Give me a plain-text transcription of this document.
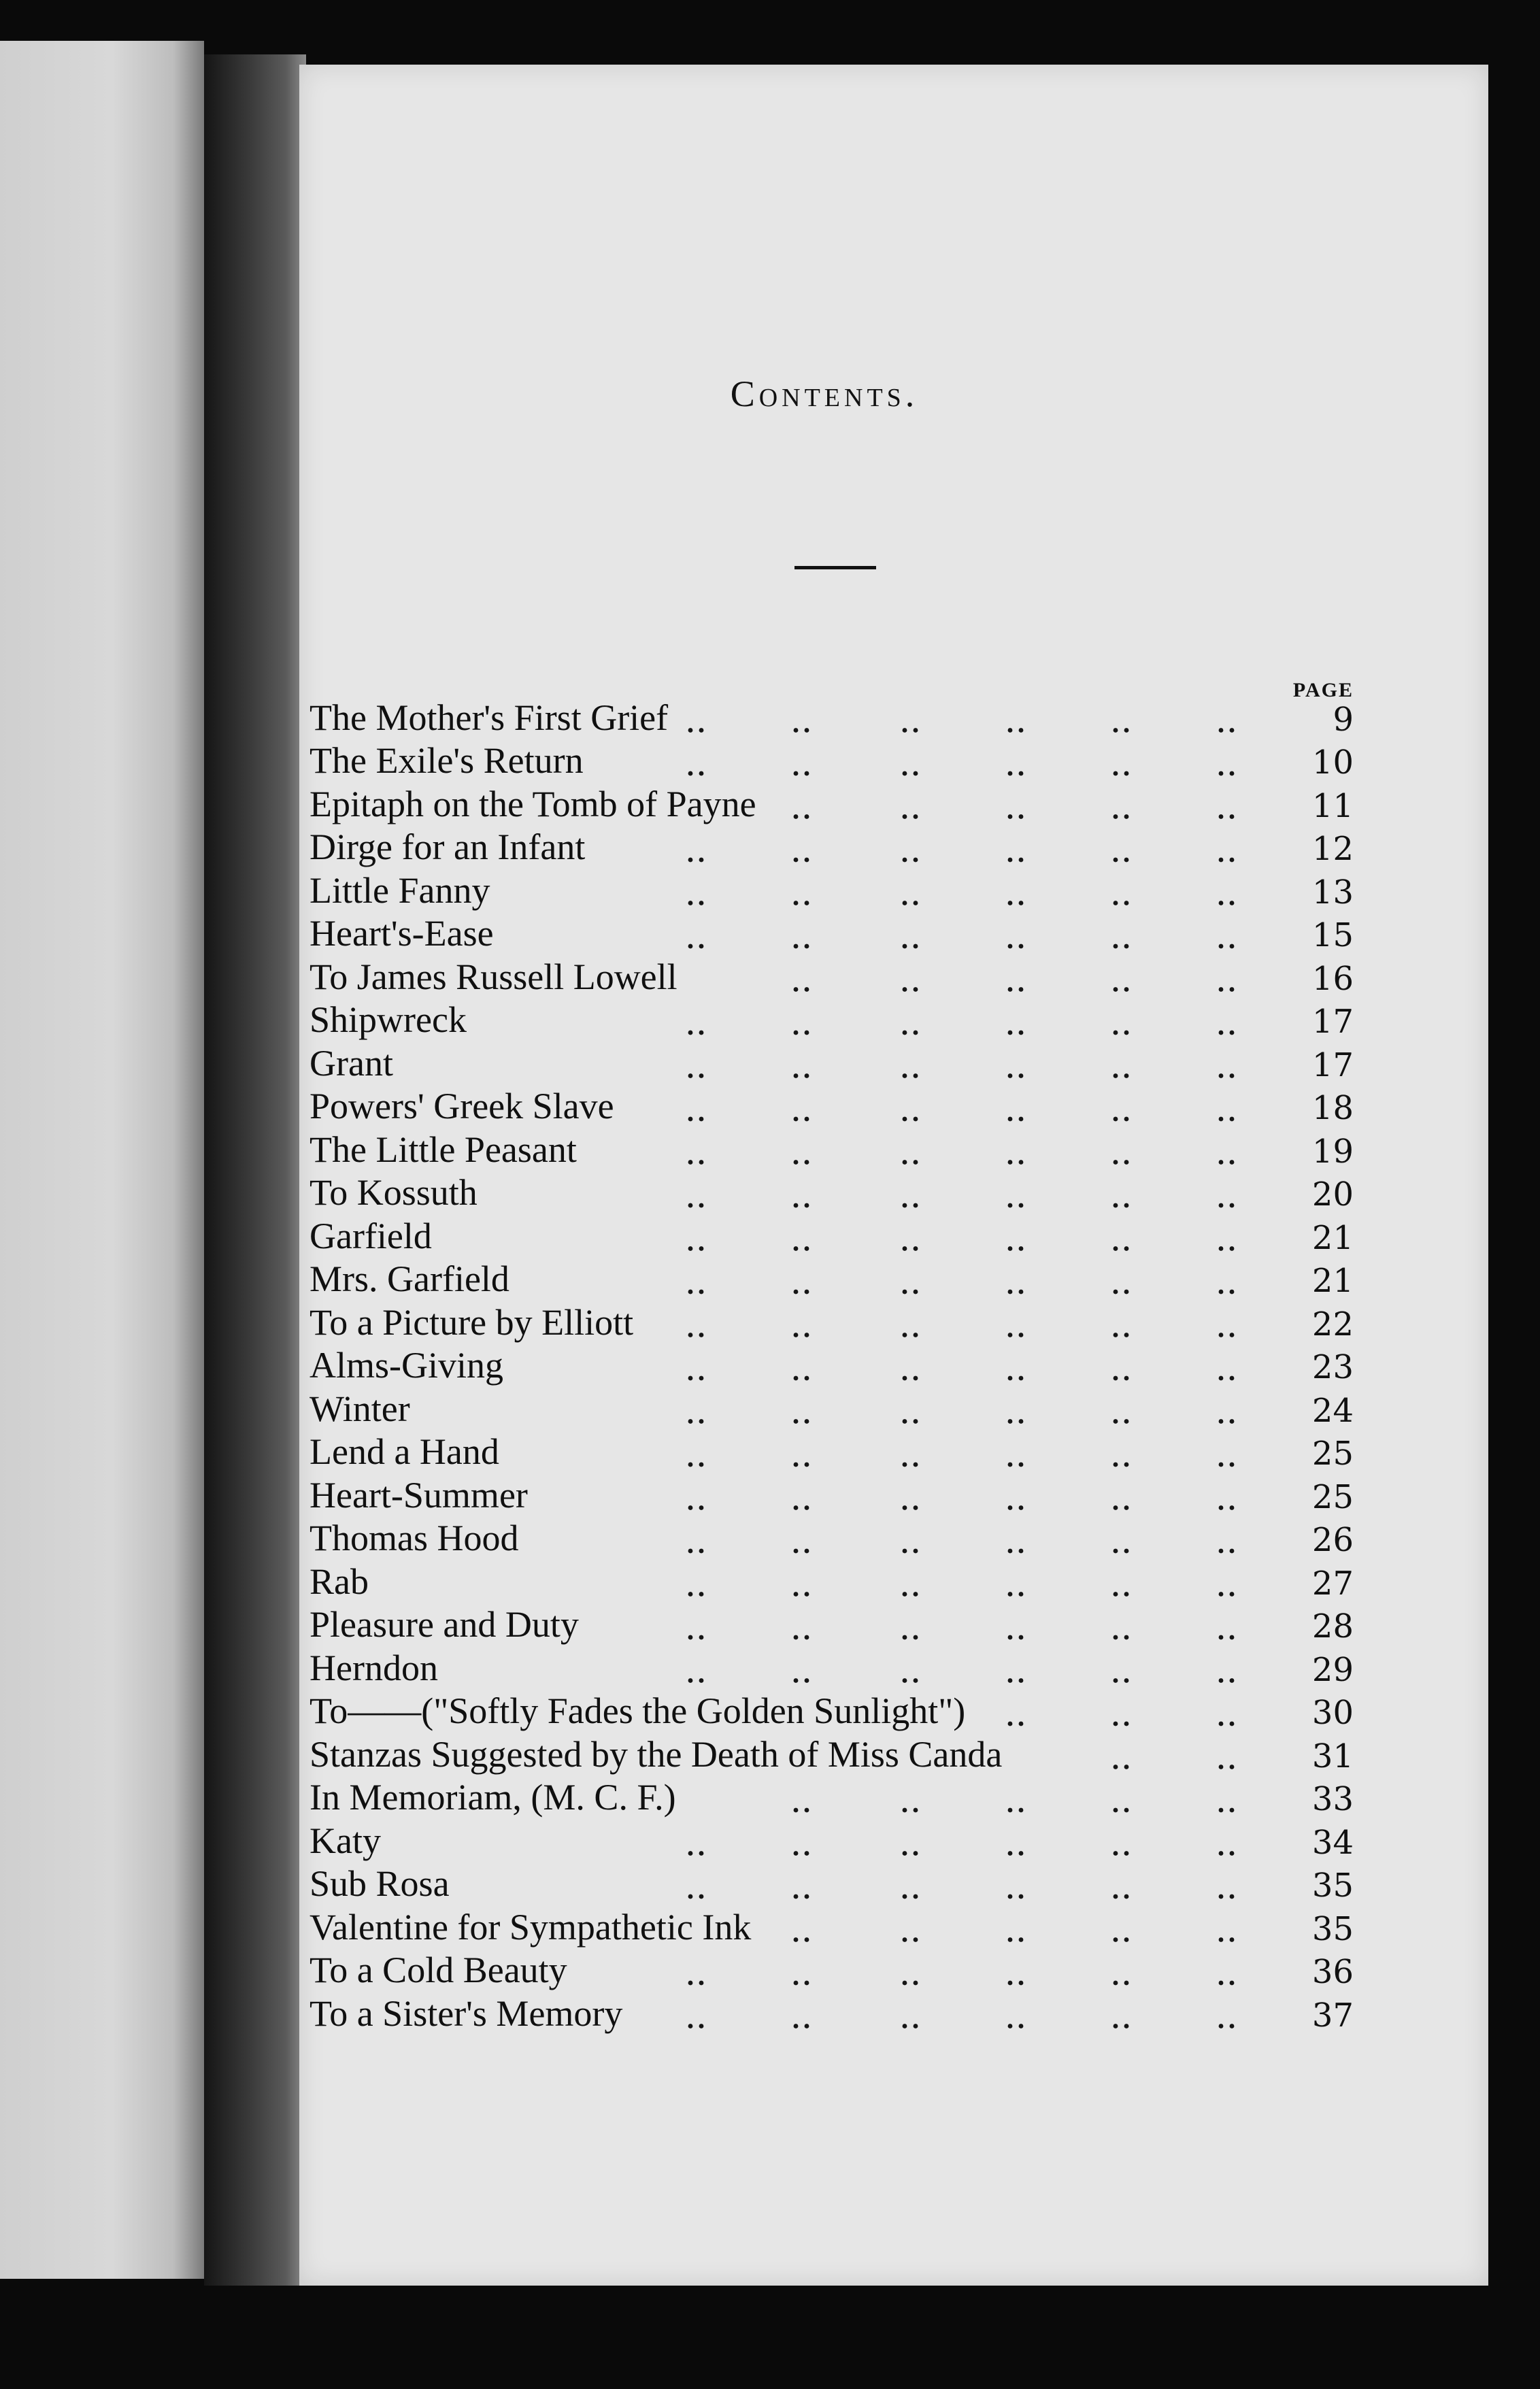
Contents.
PAGE
The Mother's First Grief	9
The Exile's Return	10
Epitaph on the Tomb of Payne	11
Dirge for an Infant	12
Little Fanny	13
Heart's-Ease	15
To James Russell Lowell	16
Shipwreck	17
Grant	17
Powers' Greek Slave	18
The Little Peasant	19
To Kossuth	20
Garfield	21
Mrs. Garfield	21
To a Picture by Elliott	22
Alms-Giving	23
Winter	24
Lend a Hand	25
Heart-Summer	25
Thomas Hood	26
Rab	27
Pleasure and Duty	28
Herndon	29
To——("Softly Fades the Golden Sunlight")	30
Stanzas Suggested by the Death of Miss Canda	31
In Memoriam, (M. C. F.)	33
Katy	34
Sub Rosa	35
Valentine for Sympathetic Ink	35
To a Cold Beauty	36
To a Sister's Memory	37
